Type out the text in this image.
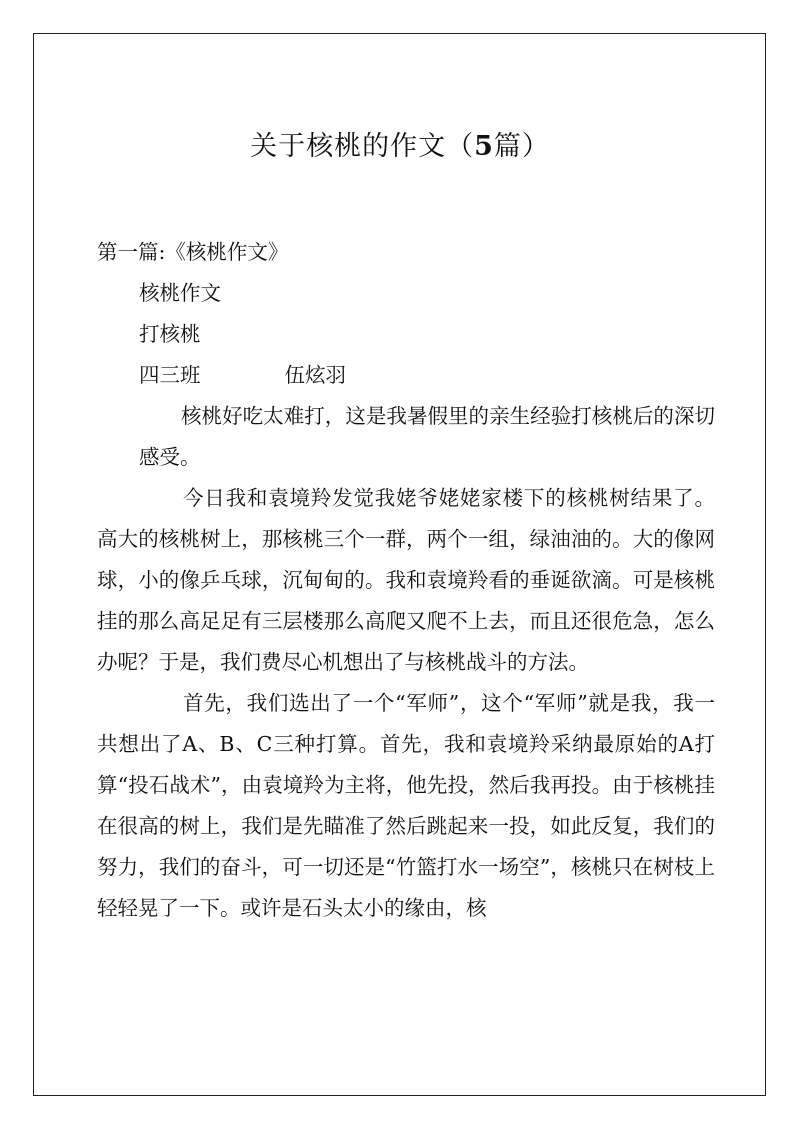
关于核桃的作文（5篇）

第一篇:《核桃作文》

核桃作文

打核桃

四三班	伍炫羽

核桃好吃太难打，这是我暑假里的亲生经验打核桃后的深切感受。

今日我和袁境羚发觉我姥爷姥姥家楼下的核桃树结果了。高大的核桃树上，那核桃三个一群，两个一组，绿油油的。大的像网球，小的像乒乓球，沉甸甸的。我和袁境羚看的垂诞欲滴。可是核桃挂的那么高足足有三层楼那么高爬又爬不上去，而且还很危急，怎么办呢？于是，我们费尽心机想出了与核桃战斗的方法。

首先，我们选出了一个“军师”，这个“军师”就是我，我一共想出了A、B、C三种打算。首先，我和袁境羚采纳最原始的A打算“投石战术”，由袁境羚为主将，他先投，然后我再投。由于核桃挂在很高的树上，我们是先瞄准了然后跳起来一投，如此反复，我们的努力，我们的奋斗，可一切还是“竹篮打水一场空”，核桃只在树枝上轻轻晃了一下。或许是石头太小的缘由，核
